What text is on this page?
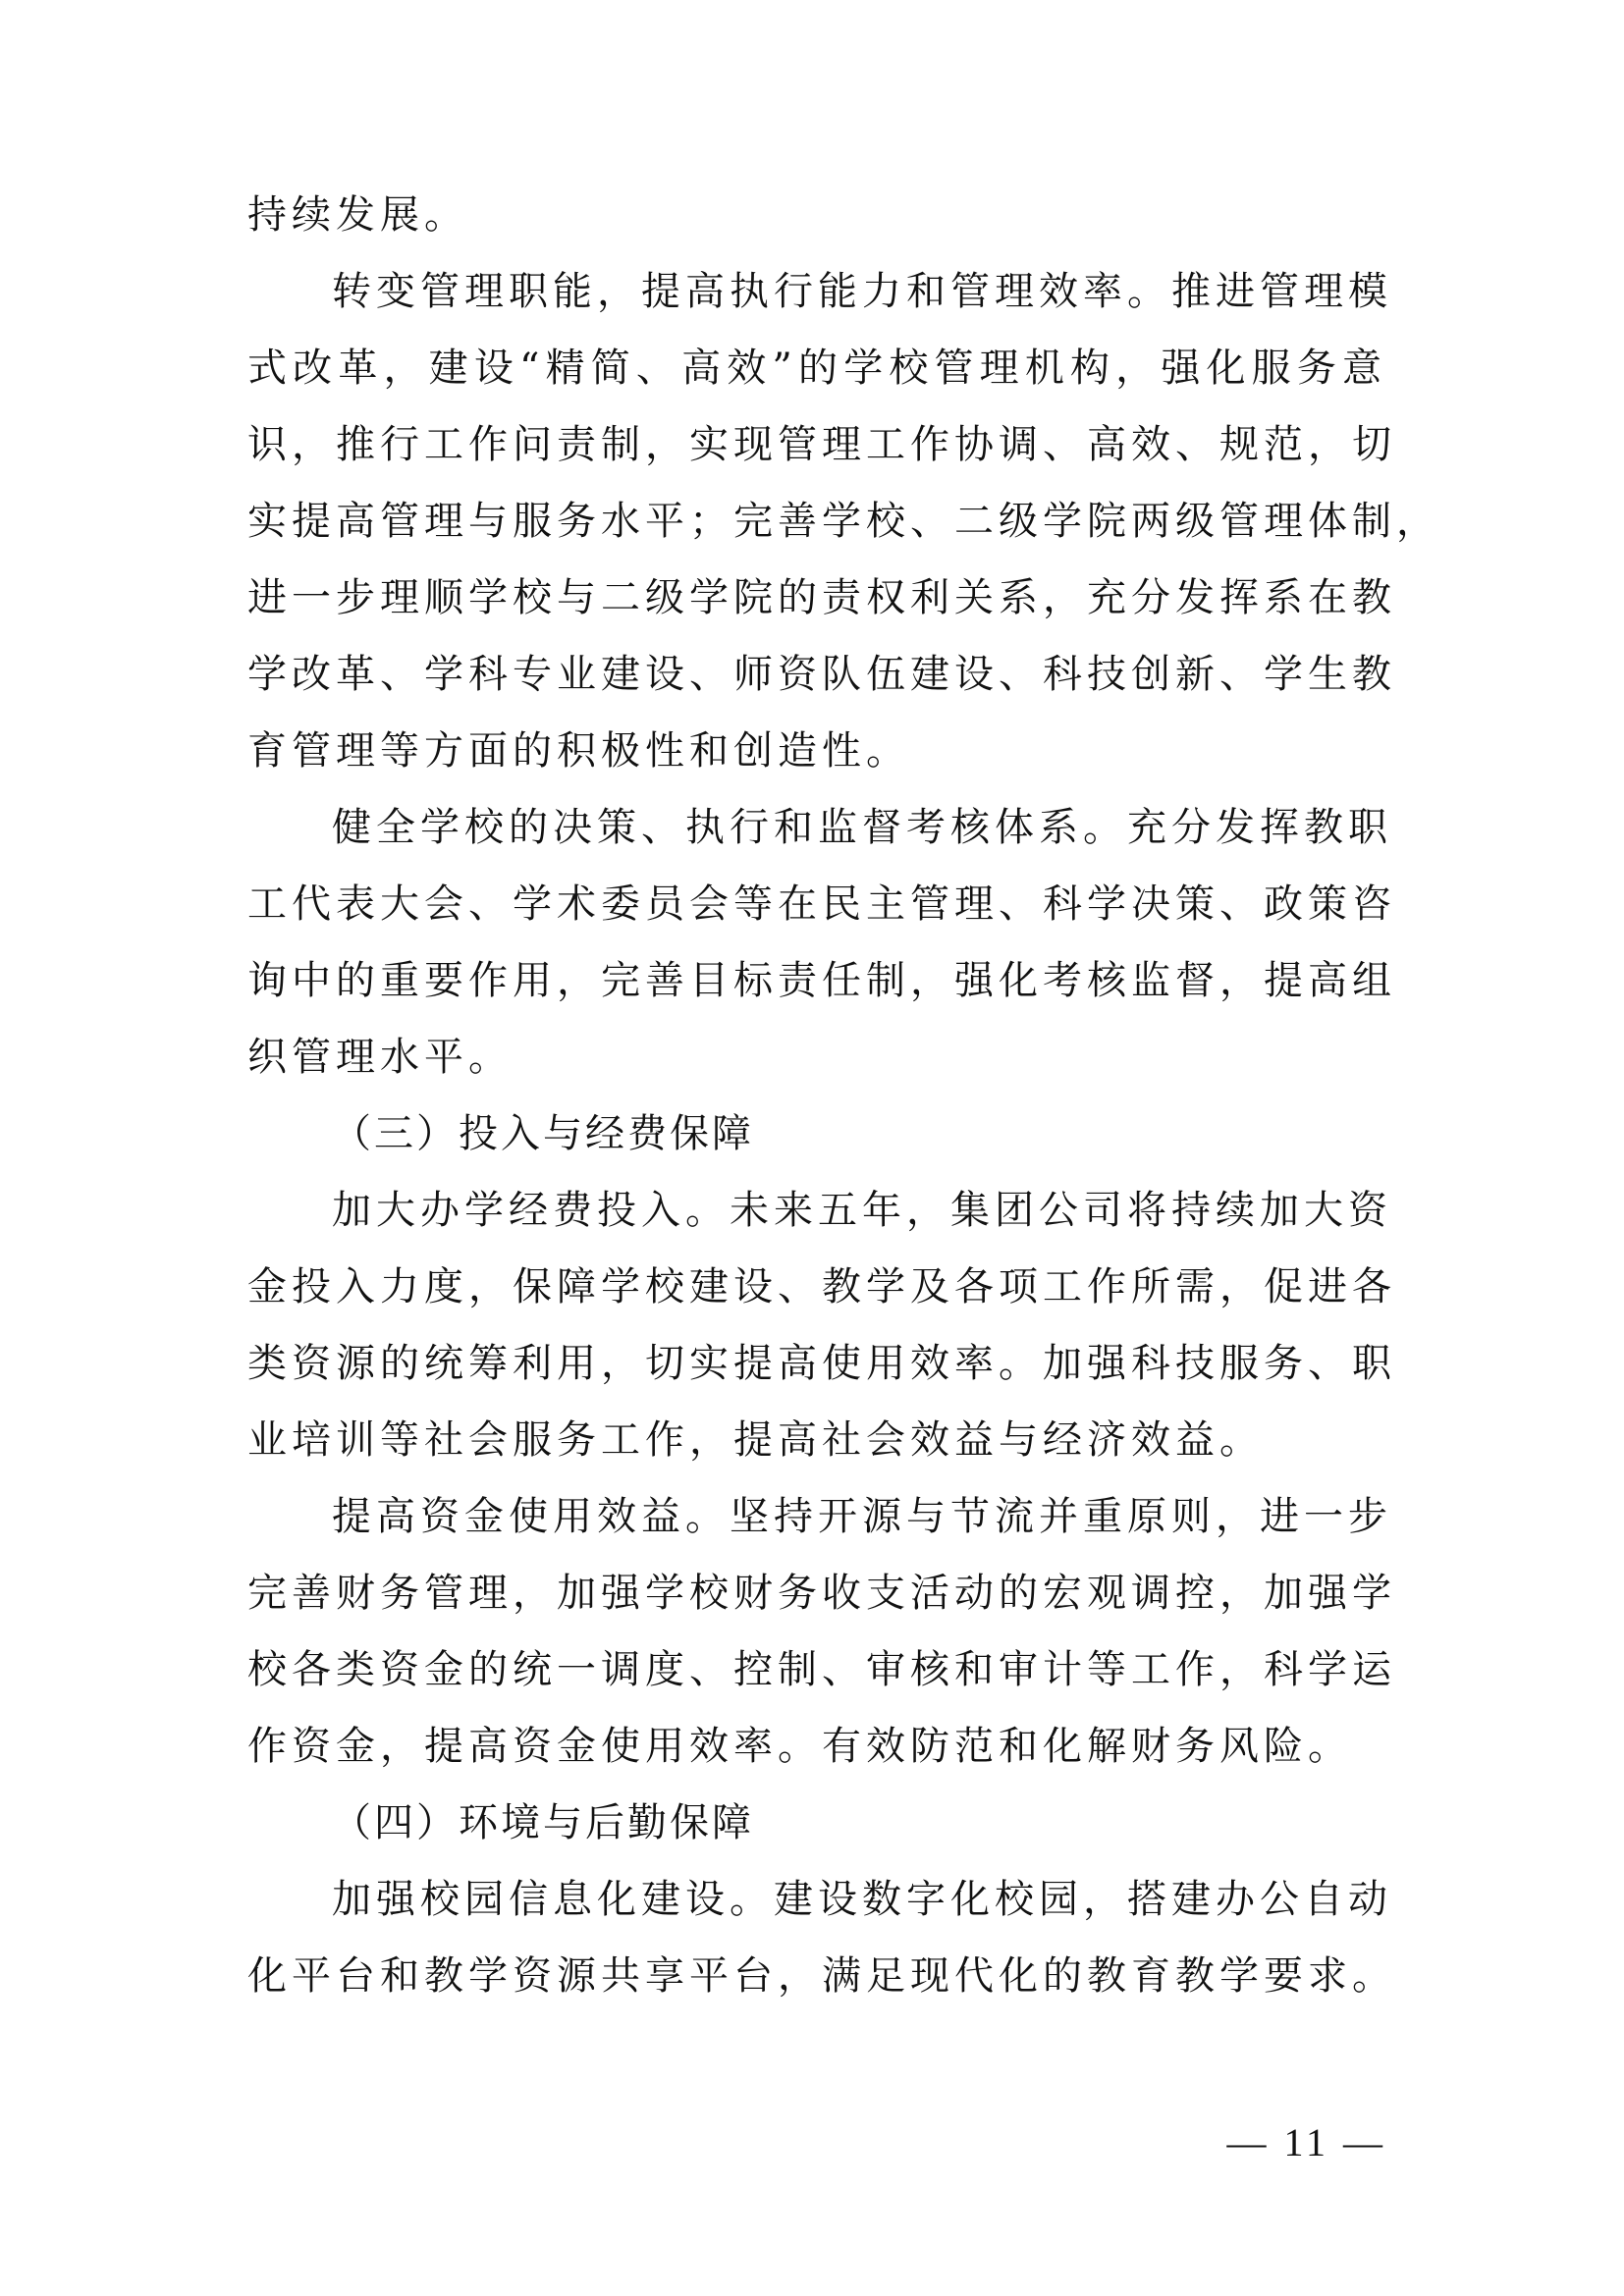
持续发展。
转变管理职能，提高执行能力和管理效率。推进管理模
式改革，建设“精简、高效”的学校管理机构，强化服务意
识，推行工作问责制，实现管理工作协调、高效、规范，切
实提高管理与服务水平；完善学校、二级学院两级管理体制，
进一步理顺学校与二级学院的责权利关系，充分发挥系在教
学改革、学科专业建设、师资队伍建设、科技创新、学生教
育管理等方面的积极性和创造性。
健全学校的决策、执行和监督考核体系。充分发挥教职
工代表大会、学术委员会等在民主管理、科学决策、政策咨
询中的重要作用，完善目标责任制，强化考核监督，提高组
织管理水平。
（三）投入与经费保障
加大办学经费投入。未来五年，集团公司将持续加大资
金投入力度，保障学校建设、教学及各项工作所需，促进各
类资源的统筹利用，切实提高使用效率。加强科技服务、职
业培训等社会服务工作，提高社会效益与经济效益。
提高资金使用效益。坚持开源与节流并重原则，进一步
完善财务管理，加强学校财务收支活动的宏观调控，加强学
校各类资金的统一调度、控制、审核和审计等工作，科学运
作资金，提高资金使用效率。有效防范和化解财务风险。
（四）环境与后勤保障
加强校园信息化建设。建设数字化校园，搭建办公自动
化平台和教学资源共享平台，满足现代化的教育教学要求。
— 11 —
